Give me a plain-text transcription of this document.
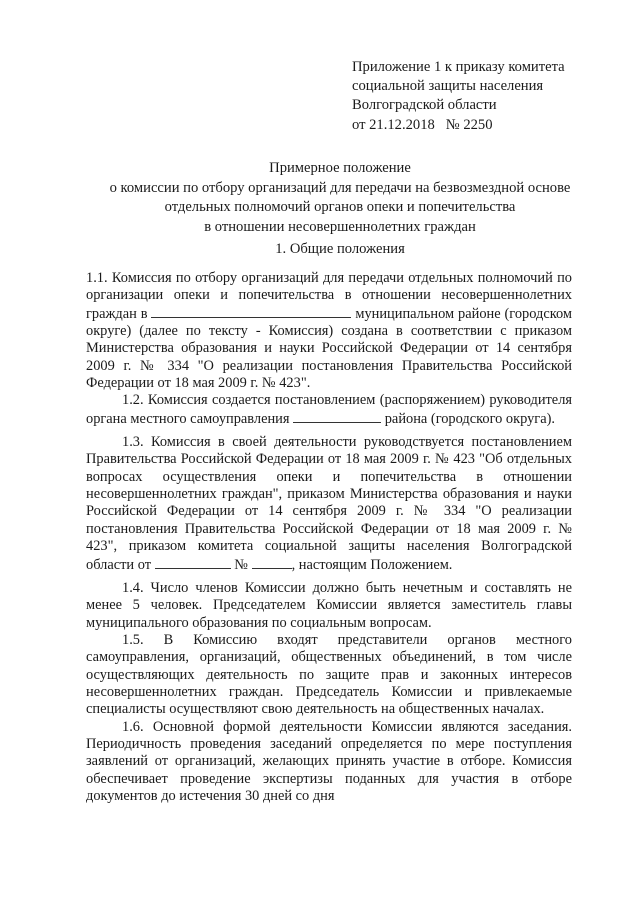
Приложение 1 к приказу комитета
социальной защиты населения
Волгоградской области
от 21.12.2018   № 2250
Примерное положение
о комиссии по отбору организаций для передачи на безвозмездной основе
отдельных полномочий органов опеки и попечительства
в отношении несовершеннолетних граждан
1. Общие положения

1.1. Комиссия по отбору организаций для передачи отдельных полномочий по организации опеки и попечительства в отношении несовершеннолетних граждан в	муниципальном районе (городском округе) (далее по тексту - Комиссия) создана в соответствии с приказом Министерства образования и науки Российской Федерации от 14 сентября 2009 г. № 334 "О реализации постановления Правительства Российской Федерации от 18 мая 2009 г. № 423".

1.2. Комиссия создается постановлением (распоряжением) руководителя органа местного самоуправления	района (городского округа).

1.3. Комиссия в своей деятельности руководствуется постановлением Правительства Российской Федерации от 18 мая 2009 г. № 423 "Об отдельных вопросах осуществления опеки и попечительства в отношении несовершеннолетних граждан", приказом Министерства образования и науки Российской Федерации от 14 сентября 2009 г. № 334 "О реализации постановления Правительства Российской Федерации от 18 мая 2009 г. № 423", приказом комитета социальной защиты населения Волгоградской области от	№	, настоящим Положением.

1.4. Число членов Комиссии должно быть нечетным и составлять не менее 5 человек. Председателем Комиссии является заместитель главы муниципального образования по социальным вопросам.

1.5. В Комиссию входят представители органов местного самоуправления, организаций, общественных объединений, в том числе осуществляющих деятельность по защите прав и законных интересов несовершеннолетних граждан. Председатель Комиссии и привлекаемые специалисты осуществляют свою деятельность на общественных началах.

1.6. Основной формой деятельности Комиссии являются заседания. Периодичность проведения заседаний определяется по мере поступления заявлений от организаций, желающих принять участие в отборе. Комиссия обеспечивает проведение экспертизы поданных для участия в отборе документов до истечения 30 дней со дня
